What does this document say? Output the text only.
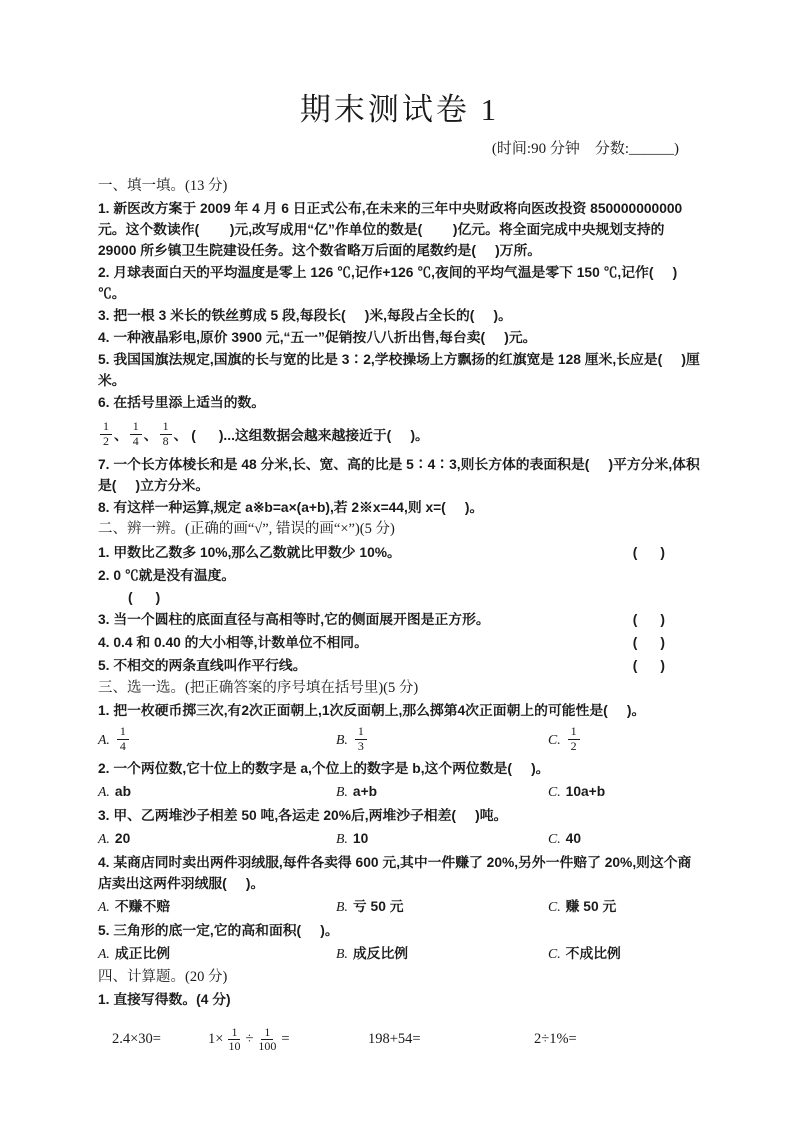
期末测试卷 1
(时间:90 分钟　分数:______)
一、填一填。(13 分)

1. 新医改方案于 2009 年 4 月 6 日正式公布,在未来的三年中央财政将向医改投资 850000000000 元。这个数读作(        )元,改写成用“亿”作单位的数是(        )亿元。将全面完成中央规划支持的 29000 所乡镇卫生院建设任务。这个数省略万后面的尾数约是(     )万所。

2. 月球表面白天的平均温度是零上 126 ℃,记作+126 ℃,夜间的平均气温是零下 150 ℃,记作(     )℃。

3. 把一根 3 米长的铁丝剪成 5 段,每段长(     )米,每段占全长的(     )。

4. 一种液晶彩电,原价 3900 元,“五一”促销按八八折出售,每台卖(     )元。

5. 我国国旗法规定,国旗的长与宽的比是 3∶2,学校操场上方飘扬的红旗宽是 128 厘米,长应是(     )厘米。

6. 在括号里添上适当的数。

$\frac{1}{2}$ 、 $\frac{1}{4}$ 、 $\frac{1}{8}$ 、 (      )...这组数据会越来越接近于(     )。

7. 一个长方体棱长和是 48 分米,长、宽、高的比是 5∶4∶3,则长方体的表面积是(     )平方分米,体积是(     )立方分米。

8. 有这样一种运算,规定 a※b=a×(a+b),若 2※x=44,则 x=(     )。

二、辨一辨。(正确的画“√”, 错误的画“×”)(5 分)
1. 甲数比乙数多 10%,那么乙数就比甲数少 10%。	(      )
2. 0 ℃就是没有温度。
(      )
3. 当一个圆柱的底面直径与高相等时,它的侧面展开图是正方形。	(      )
4. 0.4 和 0.40 的大小相等,计数单位不相同。	(      )
5. 不相交的两条直线叫作平行线。	(      )
三、选一选。(把正确答案的序号填在括号里)(5 分)

1. 把一枚硬币掷三次,有2次正面朝上,1次反面朝上,那么掷第4次正面朝上的可能性是(     )。

A. $\frac{1}{4}$	B. $\frac{1}{3}$	C. $\frac{1}{2}$

2. 一个两位数,它十位上的数字是 a,个位上的数字是 b,这个两位数是(     )。

A. ab	B. a+b	C. 10a+b

3. 甲、乙两堆沙子相差 50 吨,各运走 20%后,两堆沙子相差(     )吨。

A. 20	B. 10	C. 40

4. 某商店同时卖出两件羽绒服,每件各卖得 600 元,其中一件赚了 20%,另外一件赔了 20%,则这个商店卖出这两件羽绒服(     )。

A. 不赚不赔	B. 亏 50 元	C. 赚 50 元

5. 三角形的底一定,它的高和面积(     )。

A. 成正比例	B. 成反比例	C. 不成比例
四、计算题。(20 分)

1. 直接写得数。(4 分)

2.4×30=	$1\times \frac{1}{10} \div \frac{1}{100}$ =	198+54=	2÷1%=
